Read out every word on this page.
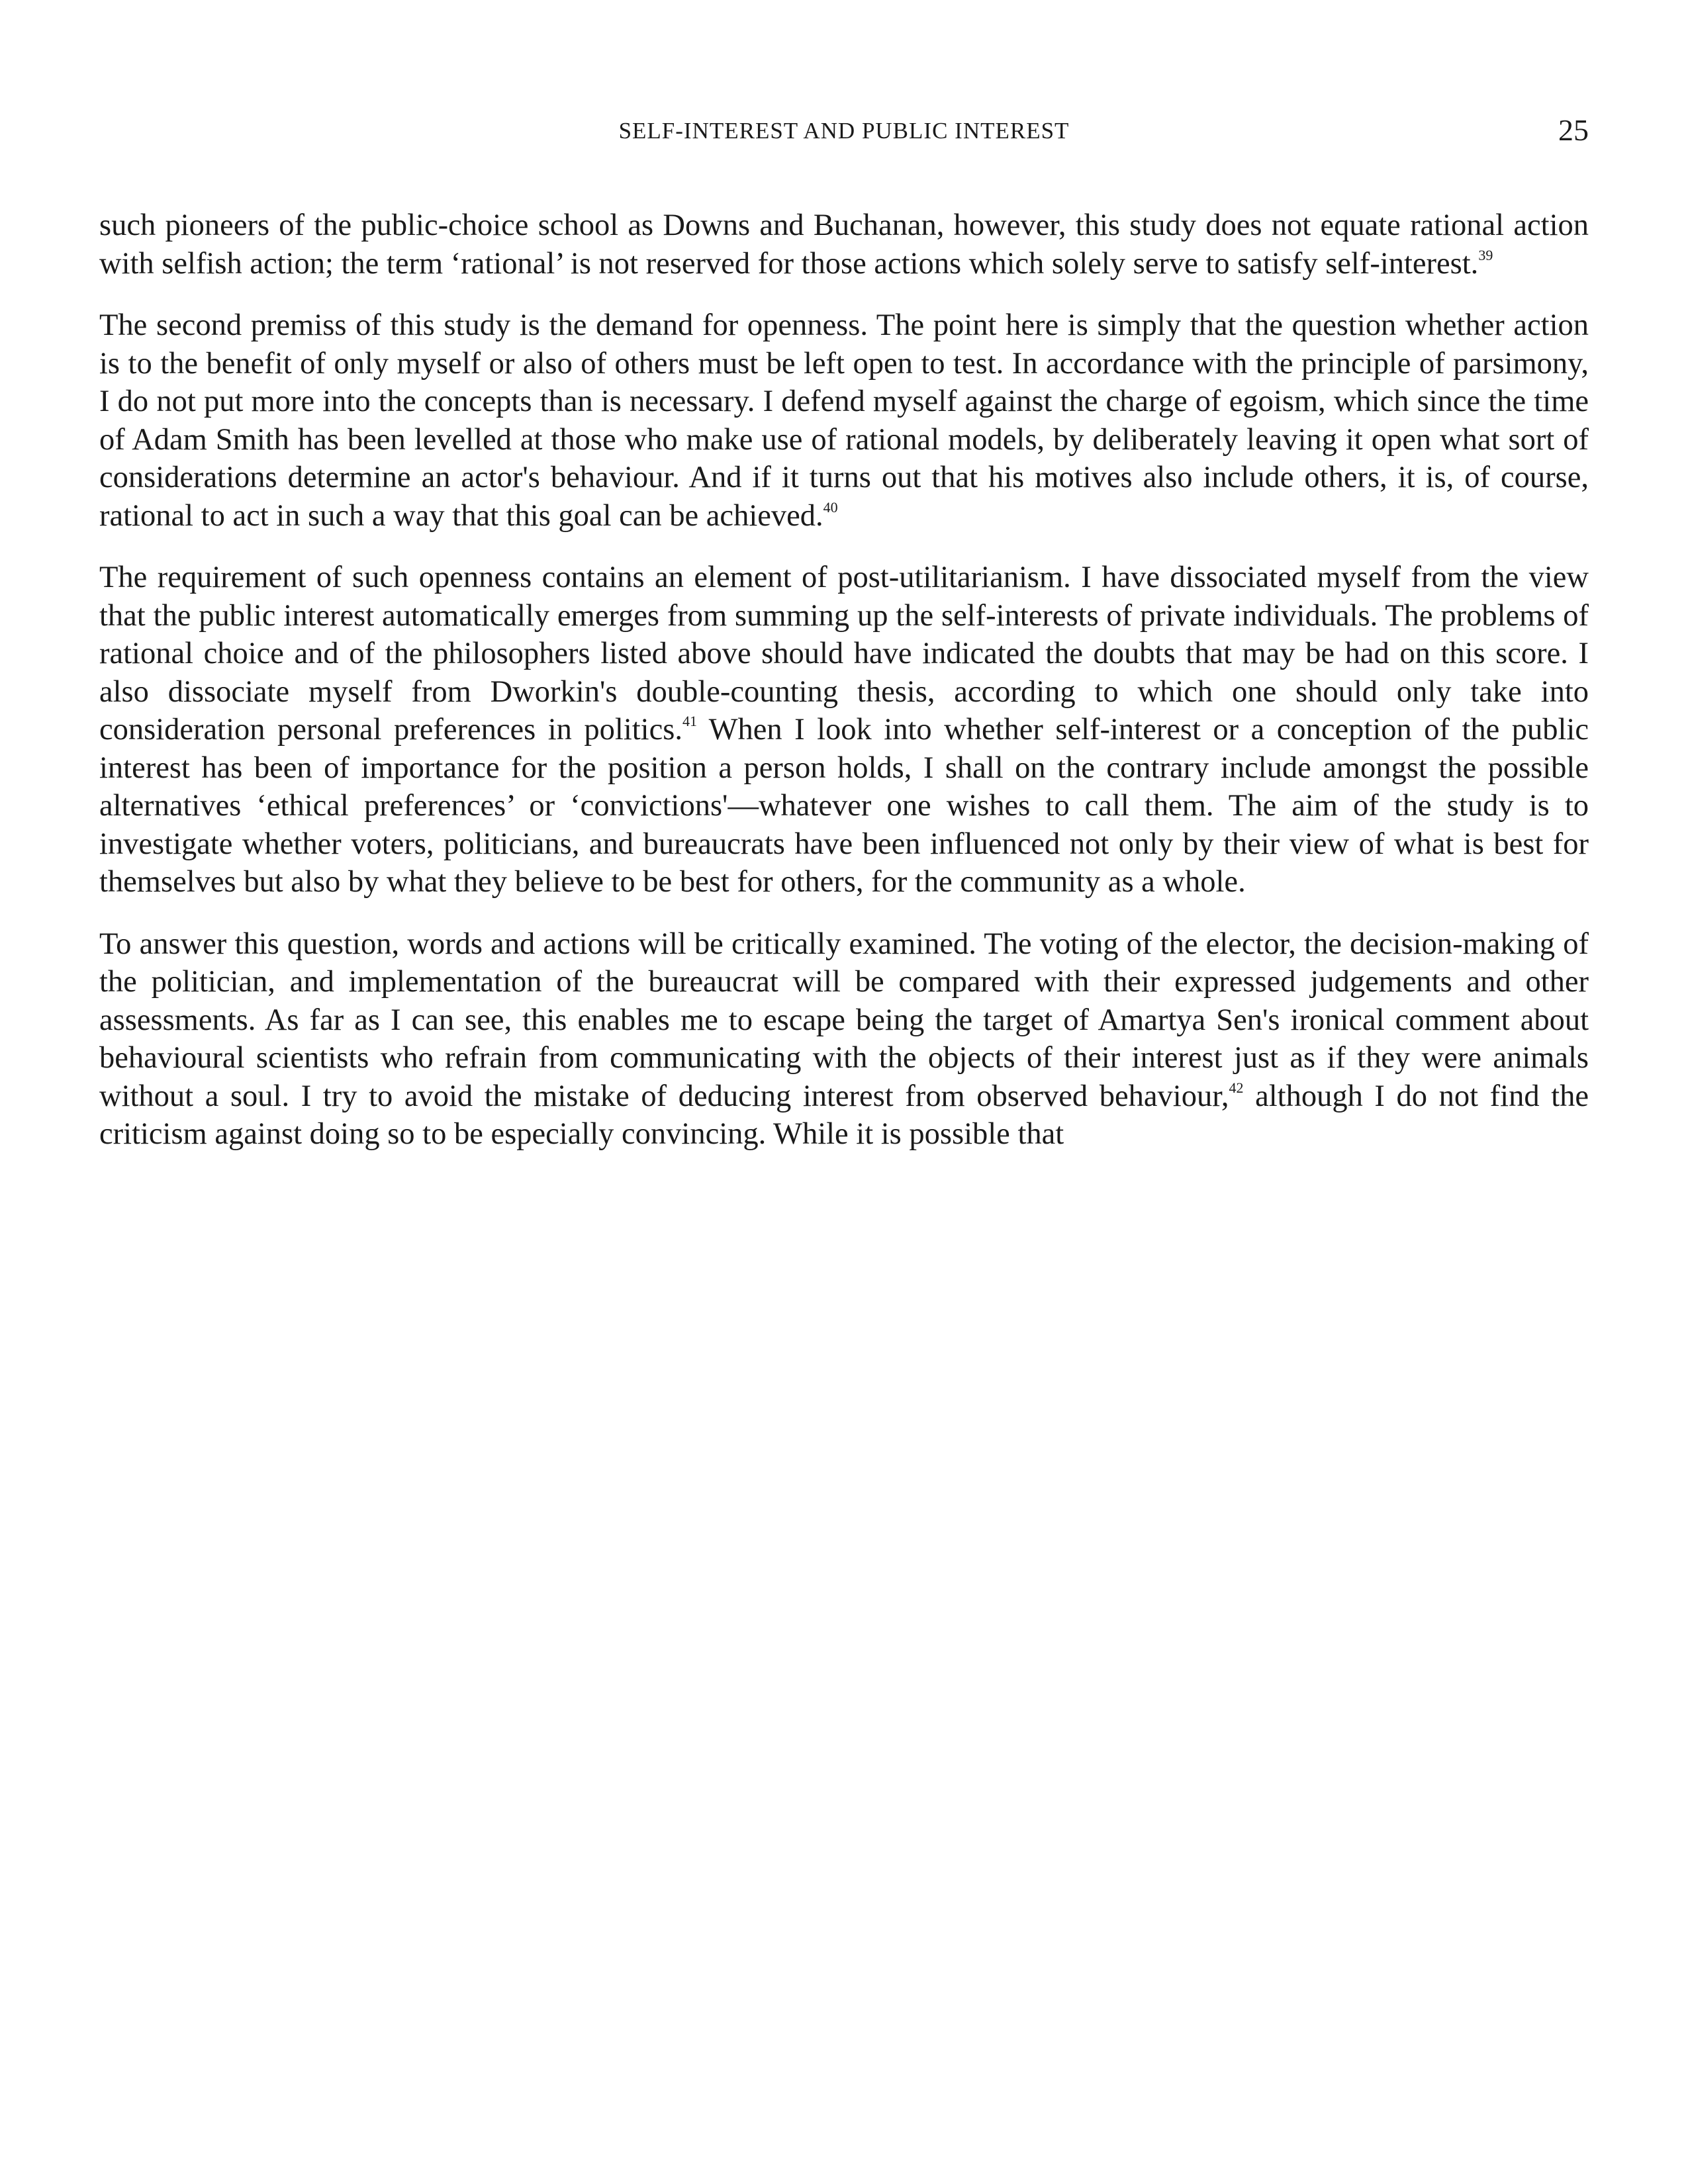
SELF-INTEREST AND PUBLIC INTEREST	25

such pioneers of the public-choice school as Downs and Buchanan, however, this study does not equate rational action with selfish action; the term ‘rational’ is not reserved for those actions which solely serve to satisfy self-interest.$^{39}$

The second premiss of this study is the demand for openness. The point here is simply that the question whether action is to the benefit of only myself or also of others must be left open to test. In accordance with the principle of parsimony, I do not put more into the concepts than is necessary. I defend myself against the charge of egoism, which since the time of Adam Smith has been levelled at those who make use of rational models, by deliberately leaving it open what sort of considerations determine an actor's behaviour. And if it turns out that his motives also include others, it is, of course, rational to act in such a way that this goal can be achieved.$^{40}$

The requirement of such openness contains an element of post-utilitarianism. I have dissociated myself from the view that the public interest automatically emerges from summing up the self-interests of private individuals. The problems of rational choice and of the philosophers listed above should have indicated the doubts that may be had on this score. I also dissociate myself from Dworkin's double-counting thesis, according to which one should only take into consideration personal preferences in politics.$^{41}$ When I look into whether self-interest or a conception of the public interest has been of importance for the position a person holds, I shall on the contrary include amongst the possible alternatives ‘ethical preferences’ or ‘convictions'—whatever one wishes to call them. The aim of the study is to investigate whether voters, politicians, and bureaucrats have been influenced not only by their view of what is best for themselves but also by what they believe to be best for others, for the community as a whole.

To answer this question, words and actions will be critically examined. The voting of the elector, the decision-making of the politician, and implementation of the bureaucrat will be compared with their expressed judgements and other assessments. As far as I can see, this enables me to escape being the target of Amartya Sen's ironical comment about behavioural scientists who refrain from communicating with the objects of their interest just as if they were animals without a soul. I try to avoid the mistake of deducing interest from observed behaviour,$^{42}$ although I do not find the criticism against doing so to be especially convincing. While it is possible that
